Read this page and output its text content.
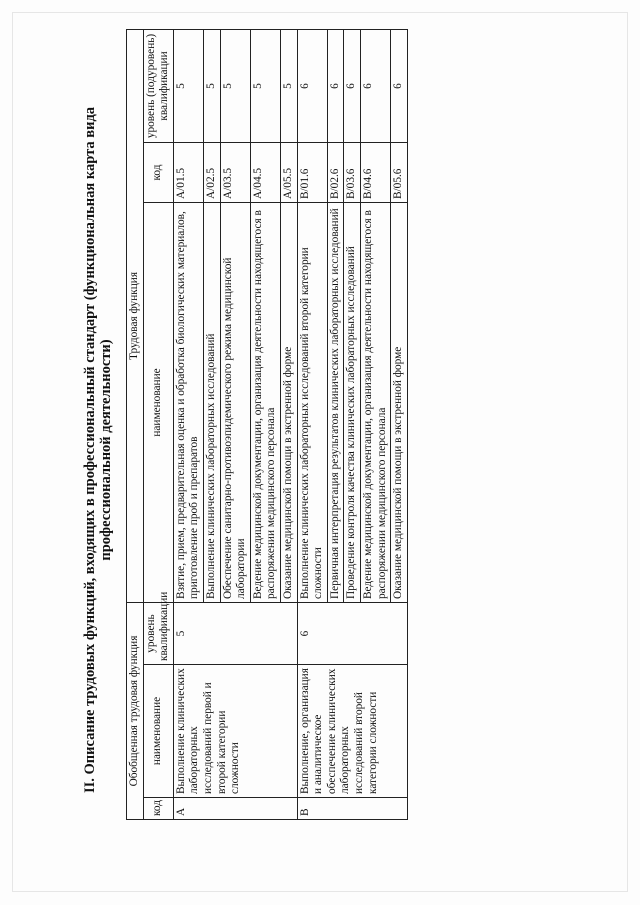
II. Описание трудовых функций, входящих в профессиональный стандарт (функциональная карта вида профессиональной деятельности)
Обобщенная трудовая функция			Трудовая функция		
код	наименование	уровень квалификации	наименование	код	уровень (подуровень) квалификации
A	Выполнение клинических лабораторных исследований первой и второй категории сложности	5	Взятие, прием, предварительная оценка и обработка биологических материалов, приготовление проб и препаратов	A/01.5	5
			Выполнение клинических лабораторных исследований	A/02.5	5
			Обеспечение санитарно-противоэпидемического режима медицинской лаборатории	A/03.5	5
			Ведение медицинской документации, организация деятельности находящегося в распоряжении медицинского персонала	A/04.5	5
			Оказание медицинской помощи в экстренной форме	A/05.5	5
B	Выполнение, организация и аналитическое обеспечение клинических лабораторных исследований второй категории сложности	6	Выполнение клинических лабораторных исследований второй категории сложности	B/01.6	6
			Первичная интерпретация результатов клинических лабораторных исследований	B/02.6	6
			Проведение контроля качества клинических лабораторных исследований	B/03.6	6
			Ведение медицинской документации, организация деятельности находящегося в распоряжении медицинского персонала	B/04.6	6
			Оказание медицинской помощи в экстренной форме	B/05.6	6
